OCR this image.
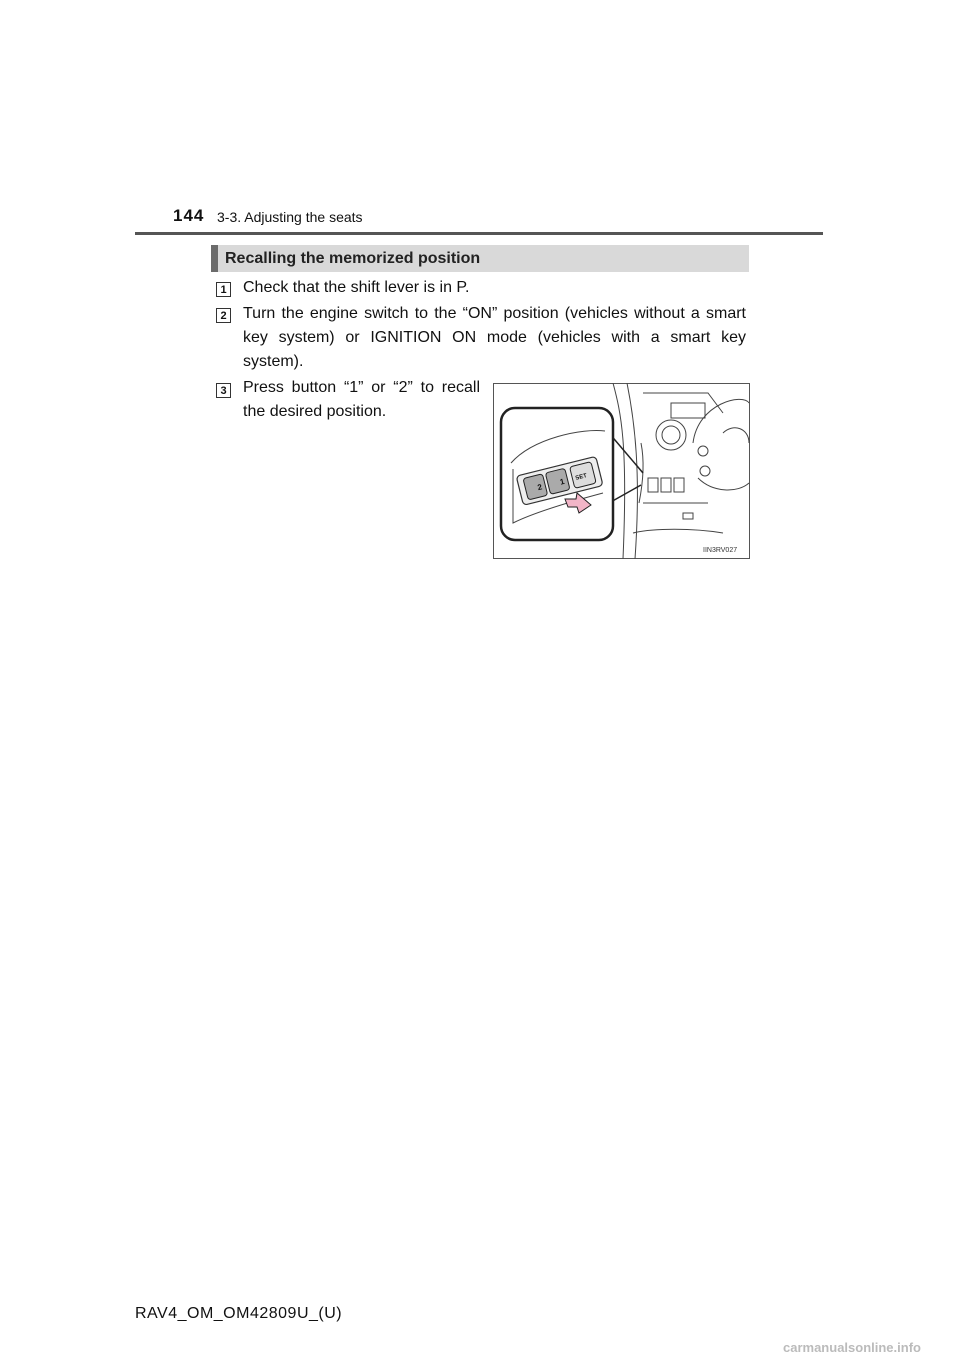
144 3-3. Adjusting the seats
Recalling the memorized position
1 Check that the shift lever is in P.
2 Turn the engine switch to the “ON” position (vehicles without a smart key system) or IGNITION ON mode (vehicles with a smart key system).
3 Press button “1” or “2” to recall the desired position.
2
1 SET
IIN3RV027
RAV4_OM_OM42809U_(U)
carmanualsonline.info
